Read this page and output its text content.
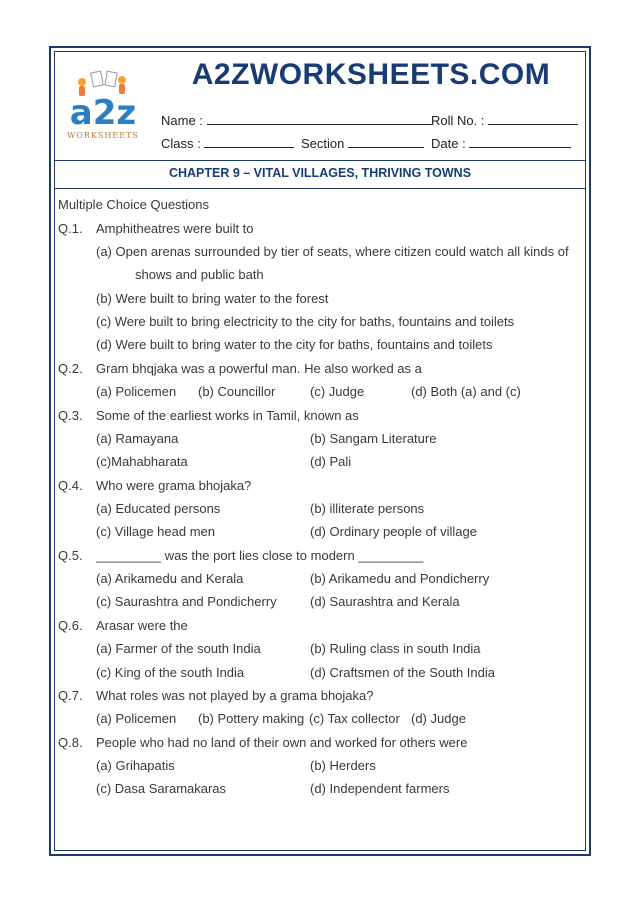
a2z
WORKSHEETS
A2ZWORKSHEETS.COM
Name :	Roll No. :
Class :	Section	Date :
CHAPTER 9 – VITAL VILLAGES, THRIVING TOWNS
Multiple Choice Questions
Q.1. Amphitheatres were built to
(a) Open arenas surrounded by tier of seats, where citizen could watch all kinds of
shows and public bath
(b) Were built to bring water to the forest
(c) Were built to bring electricity to the city for baths, fountains and toilets
(d) Were built to bring water to the city for baths, fountains and toilets
Q.2. Gram bhqjaka was a powerful man. He also worked as a
(a) Policemen (b) Councillor	(c) Judge	(d) Both (a) and (c)
Q.3. Some of the earliest works in Tamil, known as
(a) Ramayana	(b) Sangam Literature
(c)Mahabharata	(d) Pali
Q.4. Who were grama bhojaka?
(a) Educated persons	(b) illiterate persons
(c) Village head men	(d) Ordinary people of village
Q.5. _________ was the port lies close to modern _________
(a) Arikamedu and Kerala	(b) Arikamedu and Pondicherry
(c) Saurashtra and Pondicherry	(d) Saurashtra and Kerala
Q.6. Arasar were the
(a) Farmer of the south India	(b) Ruling class in south India
(c) King of the south India	(d) Craftsmen of the South India
Q.7. What roles was not played by a grama bhojaka?
(a) Policemen (b) Pottery making (c) Tax collector (d) Judge
Q.8. People who had no land of their own and worked for others were
(a) Grihapatis	(b) Herders
(c) Dasa Saramakaras	(d) Independent farmers
